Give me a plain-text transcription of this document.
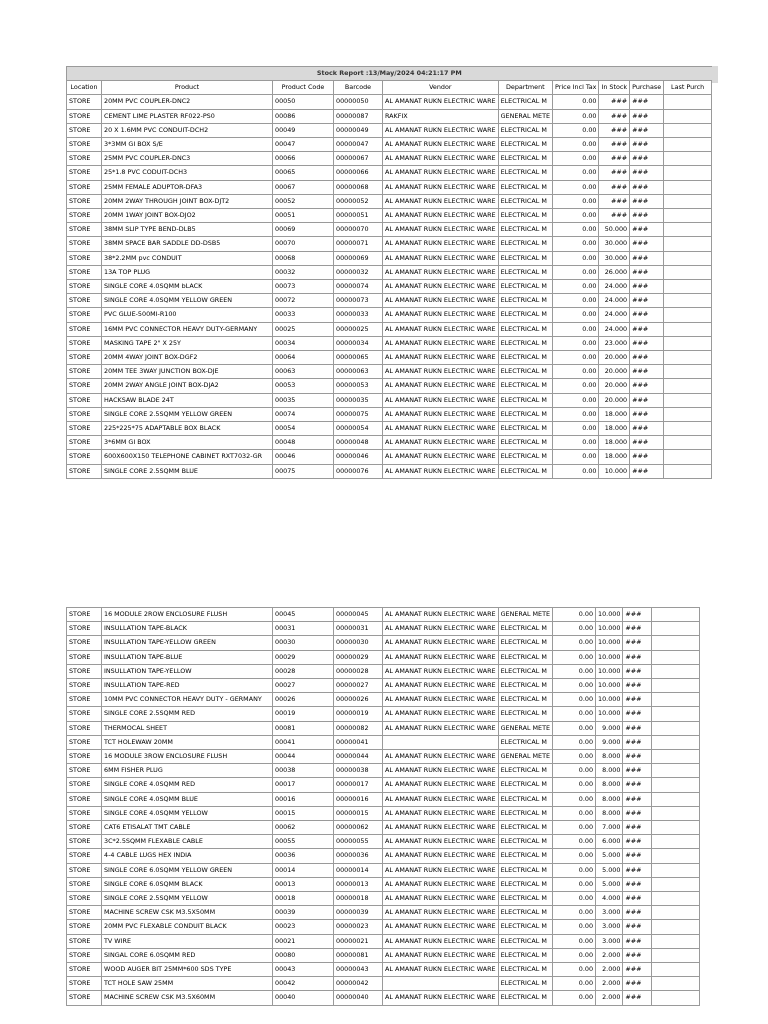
Stock Report :13/May/2024 04:21:17 PM									
Location	Product	Product Code	Barcode	Vendor	Department	Price Incl Tax	In Stock	Purchase	Last Purch
STORE	20MM PVC COUPLER-DNC2	00050	00000050	AL AMANAT RUKN ELECTRIC WARE	ELECTRICAL M	0.00	###	###	
STORE	CEMENT LIME PLASTER RF022-PS0	00086	00000087	RAKFIX	GENERAL METE	0.00	###	###	
STORE	20 X 1.6MM PVC CONDUIT-DCH2	00049	00000049	AL AMANAT RUKN ELECTRIC WARE	ELECTRICAL M	0.00	###	###	
STORE	3*3MM GI BOX S/E	00047	00000047	AL AMANAT RUKN ELECTRIC WARE	ELECTRICAL M	0.00	###	###	
STORE	25MM PVC COUPLER-DNC3	00066	00000067	AL AMANAT RUKN ELECTRIC WARE	ELECTRICAL M	0.00	###	###	
STORE	25*1.8 PVC CODUIT-DCH3	00065	00000066	AL AMANAT RUKN ELECTRIC WARE	ELECTRICAL M	0.00	###	###	
STORE	25MM FEMALE ADUPTOR-DFA3	00067	00000068	AL AMANAT RUKN ELECTRIC WARE	ELECTRICAL M	0.00	###	###	
STORE	20MM 2WAY THROUGH JOINT BOX-DJT2	00052	00000052	AL AMANAT RUKN ELECTRIC WARE	ELECTRICAL M	0.00	###	###	
STORE	20MM 1WAY JOINT BOX-DJO2	00051	00000051	AL AMANAT RUKN ELECTRIC WARE	ELECTRICAL M	0.00	###	###	
STORE	38MM SLIP TYPE BEND-DLB5	00069	00000070	AL AMANAT RUKN ELECTRIC WARE	ELECTRICAL M	0.00	50.000	###	
STORE	38MM SPACE BAR SADDLE DD-DSB5	00070	00000071	AL AMANAT RUKN ELECTRIC WARE	ELECTRICAL M	0.00	30.000	###	
STORE	38*2.2MM pvc CONDUIT	00068	00000069	AL AMANAT RUKN ELECTRIC WARE	ELECTRICAL M	0.00	30.000	###	
STORE	13A TOP PLUG	00032	00000032	AL AMANAT RUKN ELECTRIC WARE	ELECTRICAL M	0.00	26.000	###	
STORE	SINGLE CORE 4.0SQMM bLACK	00073	00000074	AL AMANAT RUKN ELECTRIC WARE	ELECTRICAL M	0.00	24.000	###	
STORE	SINGLE CORE 4.0SQMM YELLOW GREEN	00072	00000073	AL AMANAT RUKN ELECTRIC WARE	ELECTRICAL M	0.00	24.000	###	
STORE	PVC GLUE-500MI-R100	00033	00000033	AL AMANAT RUKN ELECTRIC WARE	ELECTRICAL M	0.00	24.000	###	
STORE	16MM PVC CONNECTOR HEAVY DUTY-GERMANY	00025	00000025	AL AMANAT RUKN ELECTRIC WARE	ELECTRICAL M	0.00	24.000	###	
STORE	MASKING TAPE 2" X 25Y	00034	00000034	AL AMANAT RUKN ELECTRIC WARE	ELECTRICAL M	0.00	23.000	###	
STORE	20MM 4WAY JOINT BOX-DGF2	00064	00000065	AL AMANAT RUKN ELECTRIC WARE	ELECTRICAL M	0.00	20.000	###	
STORE	20MM TEE 3WAY JUNCTION BOX-DJE	00063	00000063	AL AMANAT RUKN ELECTRIC WARE	ELECTRICAL M	0.00	20.000	###	
STORE	20MM 2WAY ANGLE JOINT BOX-DJA2	00053	00000053	AL AMANAT RUKN ELECTRIC WARE	ELECTRICAL M	0.00	20.000	###	
STORE	HACKSAW BLADE 24T	00035	00000035	AL AMANAT RUKN ELECTRIC WARE	ELECTRICAL M	0.00	20.000	###	
STORE	SINGLE CORE 2.5SQMM YELLOW GREEN	00074	00000075	AL AMANAT RUKN ELECTRIC WARE	ELECTRICAL M	0.00	18.000	###	
STORE	225*225*75 ADAPTABLE BOX BLACK	00054	00000054	AL AMANAT RUKN ELECTRIC WARE	ELECTRICAL M	0.00	18.000	###	
STORE	3*6MM GI BOX	00048	00000048	AL AMANAT RUKN ELECTRIC WARE	ELECTRICAL M	0.00	18.000	###	
STORE	600X600X150 TELEPHONE CABINET RXT7032-GR	00046	00000046	AL AMANAT RUKN ELECTRIC WARE	ELECTRICAL M	0.00	18.000	###	
STORE	SINGLE CORE 2.5SQMM BLUE	00075	00000076	AL AMANAT RUKN ELECTRIC WARE	ELECTRICAL M	0.00	10.000	###	
STORE	16 MODULE 2ROW ENCLOSURE FLUSH	00045	00000045	AL AMANAT RUKN ELECTRIC WARE	GENERAL METE	0.00	10.000	###	
STORE	INSULLATION TAPE-BLACK	00031	00000031	AL AMANAT RUKN ELECTRIC WARE	ELECTRICAL M	0.00	10.000	###	
STORE	INSULLATION TAPE-YELLOW GREEN	00030	00000030	AL AMANAT RUKN ELECTRIC WARE	ELECTRICAL M	0.00	10.000	###	
STORE	INSULLATION TAPE-BLUE	00029	00000029	AL AMANAT RUKN ELECTRIC WARE	ELECTRICAL M	0.00	10.000	###	
STORE	INSULLATION TAPE-YELLOW	00028	00000028	AL AMANAT RUKN ELECTRIC WARE	ELECTRICAL M	0.00	10.000	###	
STORE	INSULLATION TAPE-RED	00027	00000027	AL AMANAT RUKN ELECTRIC WARE	ELECTRICAL M	0.00	10.000	###	
STORE	10MM PVC CONNECTOR HEAVY DUTY - GERMANY	00026	00000026	AL AMANAT RUKN ELECTRIC WARE	ELECTRICAL M	0.00	10.000	###	
STORE	SINGLE CORE 2.5SQMM RED	00019	00000019	AL AMANAT RUKN ELECTRIC WARE	ELECTRICAL M	0.00	10.000	###	
STORE	THERMOCAL SHEET	00081	00000082	AL AMANAT RUKN ELECTRIC WARE	GENERAL METE	0.00	9.000	###	
STORE	TCT HOLEWAW 20MM	00041	00000041		ELECTRICAL M	0.00	9.000	###	
STORE	16 MODULE 3ROW ENCLOSURE FLUSH	00044	00000044	AL AMANAT RUKN ELECTRIC WARE	GENERAL METE	0.00	8.000	###	
STORE	6MM FISHER PLUG	00038	00000038	AL AMANAT RUKN ELECTRIC WARE	ELECTRICAL M	0.00	8.000	###	
STORE	SINGLE CORE 4.0SQMM RED	00017	00000017	AL AMANAT RUKN ELECTRIC WARE	ELECTRICAL M	0.00	8.000	###	
STORE	SINGLE CORE 4.0SQMM BLUE	00016	00000016	AL AMANAT RUKN ELECTRIC WARE	ELECTRICAL M	0.00	8.000	###	
STORE	SINGLE CORE 4.0SQMM YELLOW	00015	00000015	AL AMANAT RUKN ELECTRIC WARE	ELECTRICAL M	0.00	8.000	###	
STORE	CAT6 ETISALAT TMT CABLE	00062	00000062	AL AMANAT RUKN ELECTRIC WARE	ELECTRICAL M	0.00	7.000	###	
STORE	3C*2.5SQMM FLEXABLE CABLE	00055	00000055	AL AMANAT RUKN ELECTRIC WARE	ELECTRICAL M	0.00	6.000	###	
STORE	4-4 CABLE LUGS HEX INDIA	00036	00000036	AL AMANAT RUKN ELECTRIC WARE	ELECTRICAL M	0.00	5.000	###	
STORE	SINGLE CORE 6.0SQMM YELLOW GREEN	00014	00000014	AL AMANAT RUKN ELECTRIC WARE	ELECTRICAL M	0.00	5.000	###	
STORE	SINGLE CORE 6.0SQMM BLACK	00013	00000013	AL AMANAT RUKN ELECTRIC WARE	ELECTRICAL M	0.00	5.000	###	
STORE	SINGLE CORE 2.5SQMM YELLOW	00018	00000018	AL AMANAT RUKN ELECTRIC WARE	ELECTRICAL M	0.00	4.000	###	
STORE	MACHINE SCREW CSK M3.5X50MM	00039	00000039	AL AMANAT RUKN ELECTRIC WARE	ELECTRICAL M	0.00	3.000	###	
STORE	20MM PVC FLEXABLE CONDUIT BLACK	00023	00000023	AL AMANAT RUKN ELECTRIC WARE	ELECTRICAL M	0.00	3.000	###	
STORE	TV WIRE	00021	00000021	AL AMANAT RUKN ELECTRIC WARE	ELECTRICAL M	0.00	3.000	###	
STORE	SINGAL CORE 6.0SQMM RED	00080	00000081	AL AMANAT RUKN ELECTRIC WARE	ELECTRICAL M	0.00	2.000	###	
STORE	WOOD AUGER BIT 25MM*600 SDS TYPE	00043	00000043	AL AMANAT RUKN ELECTRIC WARE	ELECTRICAL M	0.00	2.000	###	
STORE	TCT HOLE SAW 25MM	00042	00000042		ELECTRICAL M	0.00	2.000	###	
STORE	MACHINE SCREW CSK M3.5X60MM	00040	00000040	AL AMANAT RUKN ELECTRIC WARE	ELECTRICAL M	0.00	2.000	###	
